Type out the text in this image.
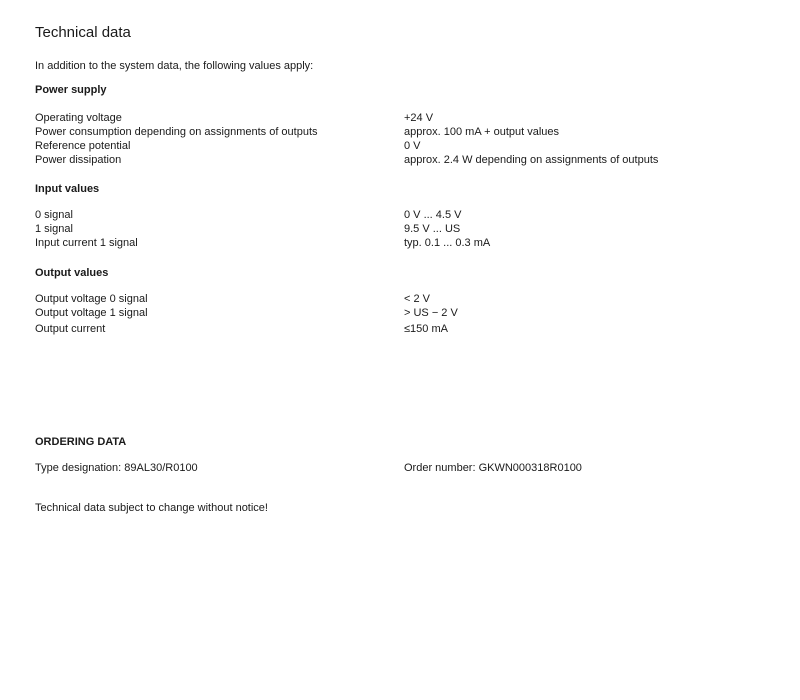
Technical data

In addition to the system data, the following values apply:

Power supply

Operating voltage	+24 V
Power consumption depending on assignments of outputs	approx. 100 mA + output values
Reference potential	0 V
Power dissipation	approx. 2.4 W depending on assignments of outputs

Input values

0 signal	0 V ... 4.5 V
1 signal	9.5 V ... US
Input current 1 signal	typ. 0.1 ... 0.3 mA

Output values

Output voltage 0 signal	< 2 V
Output voltage 1 signal	> US − 2 V
Output current	≤150 mA

ORDERING DATA

Type designation: 89AL30/R0100	Order number: GKWN000318R0100

Technical data subject to change without notice!
